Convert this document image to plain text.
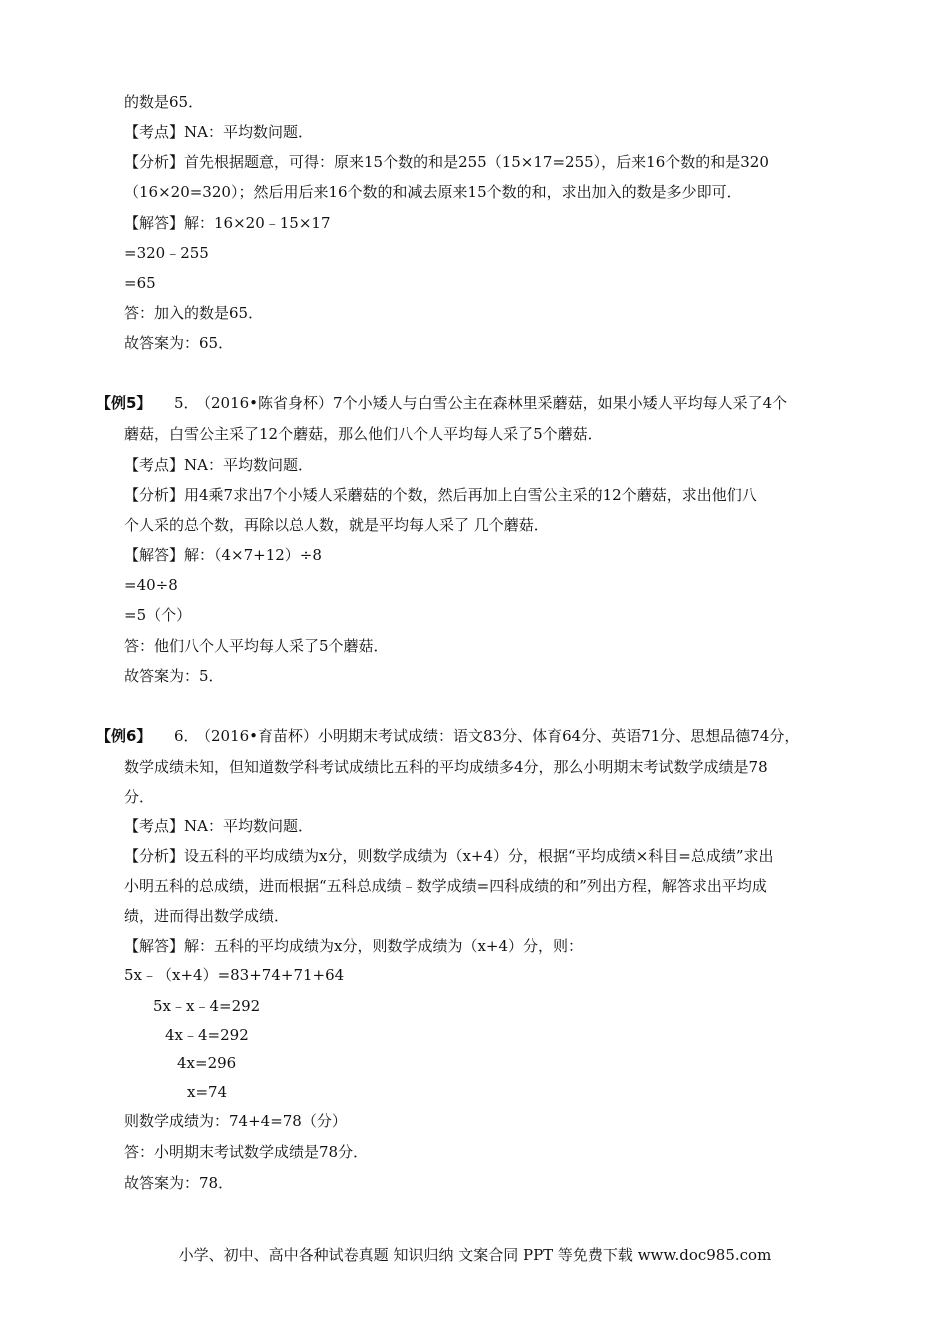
的数是65．
【考点】NA：平均数问题．
【分析】首先根据题意，可得：原来15个数的和是255（15×17=255），后来16个数的和是320
（16×20=320）；然后用后来16个数的和减去原来15个数的和，求出加入的数是多少即可．
【解答】解：16×20﹣15×17
=320﹣255
=65
答：加入的数是65．
故答案为：65．
【例5】 5．
（2016•陈省身杯）7个小矮人与白雪公主在森林里采蘑菇，如果小矮人平均每人采了4个
蘑菇，白雪公主采了12个蘑菇，那么他们八个人平均每人采了5个蘑菇．
【考点】NA：平均数问题．
【分析】用4乘7求出7个小矮人采蘑菇的个数，然后再加上白雪公主采的12个蘑菇，求出他们八
个人采的总个数，再除以总人数，就是平均每人采了 几个蘑菇．
【解答】解：（4×7+12）÷8
=40÷8
=5（个）
答：他们八个人平均每人采了5个蘑菇．
故答案为：5．
【例6】 6．
（2016•育苗杯）小明期末考试成绩：语文83分、体育64分、英语71分、思想品德74分，
数学成绩未知，但知道数学科考试成绩比五科的平均成绩多4分，那么小明期末考试数学成绩是78
分．
【考点】NA：平均数问题．
【分析】设五科的平均成绩为x分，则数学成绩为（x+4）分，根据“平均成绩×科目=总成绩”求出
小明五科的总成绩，进而根据“五科总成绩﹣数学成绩=四科成绩的和”列出方程，解答求出平均成
绩，进而得出数学成绩．
【解答】解：五科的平均成绩为x分，则数学成绩为（x+4）分，则：
5x﹣（x+4）=83+74+71+64
5x﹣x﹣4=292
4x﹣4=292
4x=296
x=74
则数学成绩为：74+4=78（分）
答：小明期末考试数学成绩是78分．
故答案为：78．
小学、初中、高中各种试卷真题 知识归纳 文案合同 PPT 等免费下载 www.doc985.com
